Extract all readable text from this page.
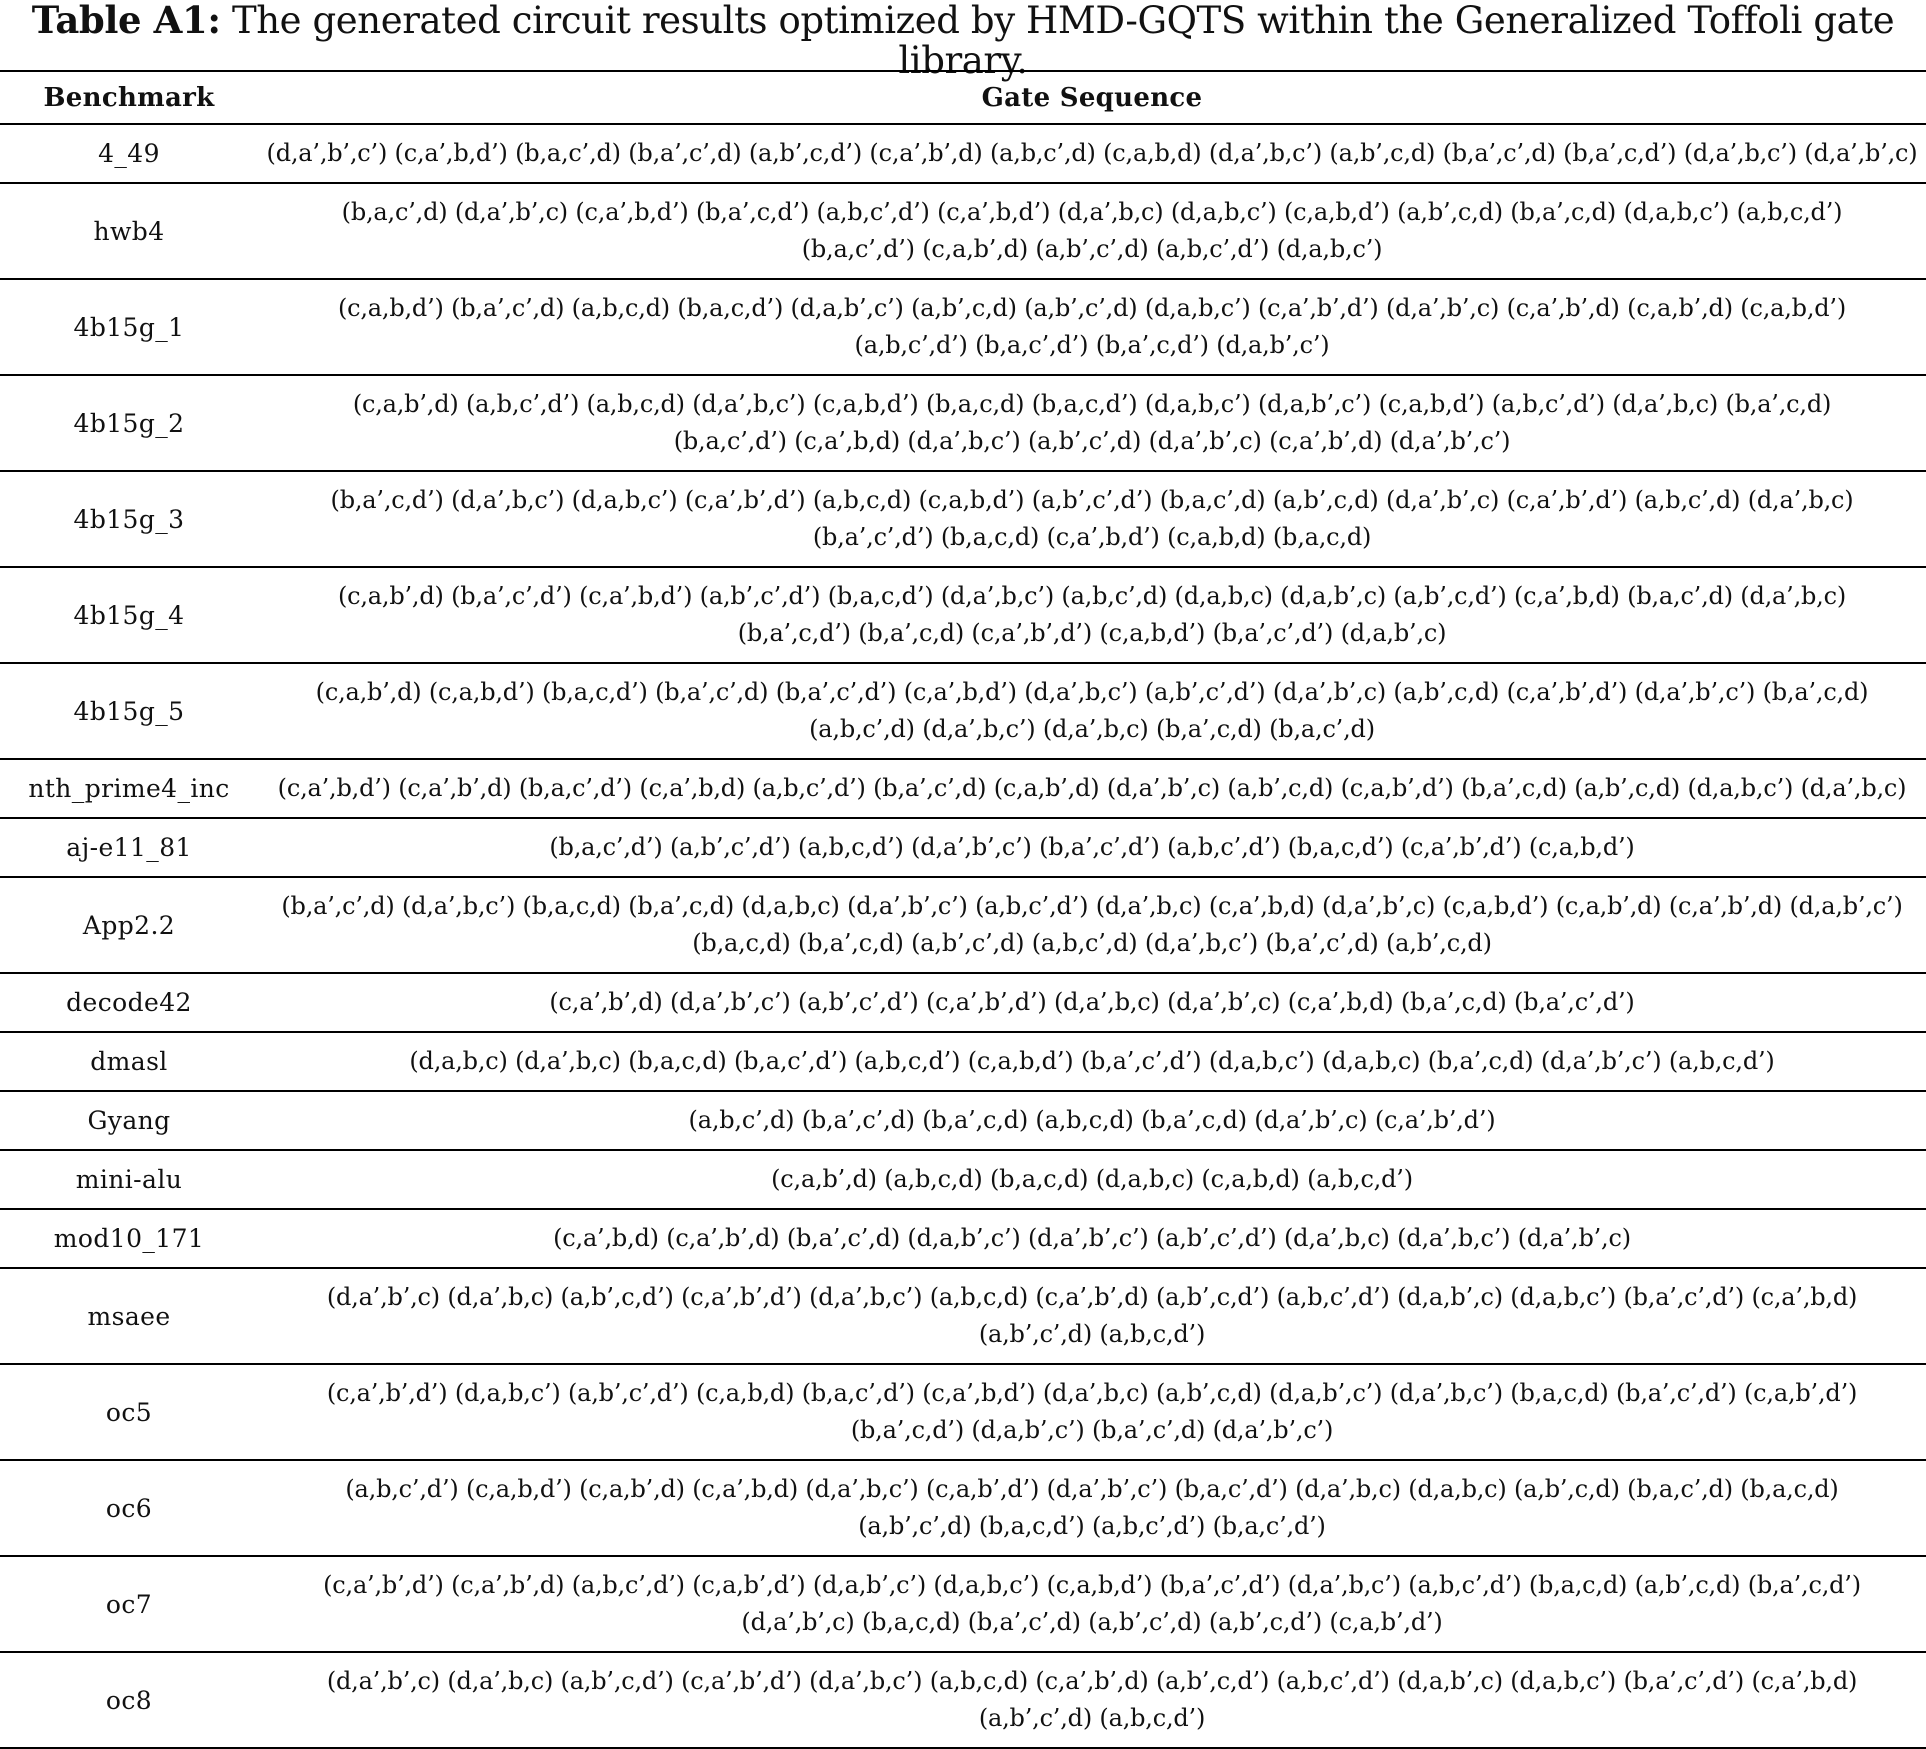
Table A1: The generated circuit results optimized by HMD-GQTS within the Generalized Toffoli gate library.
Benchmark	Gate Sequence
4_49	(d,a’,b’,c’) (c,a’,b,d’) (b,a,c’,d) (b,a’,c’,d) (a,b’,c,d’) (c,a’,b’,d) (a,b,c’,d) (c,a,b,d) (d,a’,b,c’) (a,b’,c,d) (b,a’,c’,d) (b,a’,c,d’) (d,a’,b,c’) (d,a’,b’,c)

hwb4	(b,a,c’,d) (d,a’,b’,c) (c,a’,b,d’) (b,a’,c,d’) (a,b,c’,d’) (c,a’,b,d’) (d,a’,b,c) (d,a,b,c’) (c,a,b,d’) (a,b’,c,d) (b,a’,c,d) (d,a,b,c’) (a,b,c,d’)
(b,a,c’,d’) (c,a,b’,d) (a,b’,c’,d) (a,b,c’,d’) (d,a,b,c’)

4b15g_1	(c,a,b,d’) (b,a’,c’,d) (a,b,c,d) (b,a,c,d’) (d,a,b’,c’) (a,b’,c,d) (a,b’,c’,d) (d,a,b,c’) (c,a’,b’,d’) (d,a’,b’,c) (c,a’,b’,d) (c,a,b’,d) (c,a,b,d’)
(a,b,c’,d’) (b,a,c’,d’) (b,a’,c,d’) (d,a,b’,c’)

4b15g_2	(c,a,b’,d) (a,b,c’,d’) (a,b,c,d) (d,a’,b,c’) (c,a,b,d’) (b,a,c,d) (b,a,c,d’) (d,a,b,c’) (d,a,b’,c’) (c,a,b,d’) (a,b,c’,d’) (d,a’,b,c) (b,a’,c,d)
(b,a,c’,d’) (c,a’,b,d) (d,a’,b,c’) (a,b’,c’,d) (d,a’,b’,c) (c,a’,b’,d) (d,a’,b’,c’)

4b15g_3	(b,a’,c,d’) (d,a’,b,c’) (d,a,b,c’) (c,a’,b’,d’) (a,b,c,d) (c,a,b,d’) (a,b’,c’,d’) (b,a,c’,d) (a,b’,c,d) (d,a’,b’,c) (c,a’,b’,d’) (a,b,c’,d) (d,a’,b,c)
(b,a’,c’,d’) (b,a,c,d) (c,a’,b,d’) (c,a,b,d) (b,a,c,d)

4b15g_4	(c,a,b’,d) (b,a’,c’,d’) (c,a’,b,d’) (a,b’,c’,d’) (b,a,c,d’) (d,a’,b,c’) (a,b,c’,d) (d,a,b,c) (d,a,b’,c) (a,b’,c,d’) (c,a’,b,d) (b,a,c’,d) (d,a’,b,c)
(b,a’,c,d’) (b,a’,c,d) (c,a’,b’,d’) (c,a,b,d’) (b,a’,c’,d’) (d,a,b’,c)

4b15g_5	(c,a,b’,d) (c,a,b,d’) (b,a,c,d’) (b,a’,c’,d) (b,a’,c’,d’) (c,a’,b,d’) (d,a’,b,c’) (a,b’,c’,d’) (d,a’,b’,c) (a,b’,c,d) (c,a’,b’,d’) (d,a’,b’,c’) (b,a’,c,d)
(a,b,c’,d) (d,a’,b,c’) (d,a’,b,c) (b,a’,c,d) (b,a,c’,d)

nth_prime4_inc	(c,a’,b,d’) (c,a’,b’,d) (b,a,c’,d’) (c,a’,b,d) (a,b,c’,d’) (b,a’,c’,d) (c,a,b’,d) (d,a’,b’,c) (a,b’,c,d) (c,a,b’,d’) (b,a’,c,d) (a,b’,c,d) (d,a,b,c’) (d,a’,b,c)

aj-e11_81	(b,a,c’,d’) (a,b’,c’,d’) (a,b,c,d’) (d,a’,b’,c’) (b,a’,c’,d’) (a,b,c’,d’) (b,a,c,d’) (c,a’,b’,d’) (c,a,b,d’)

App2.2	(b,a’,c’,d) (d,a’,b,c’) (b,a,c,d) (b,a’,c,d) (d,a,b,c) (d,a’,b’,c’) (a,b,c’,d’) (d,a’,b,c) (c,a’,b,d) (d,a’,b’,c) (c,a,b,d’) (c,a,b’,d) (c,a’,b’,d) (d,a,b’,c’)
(b,a,c,d) (b,a’,c,d) (a,b’,c’,d) (a,b,c’,d) (d,a’,b,c’) (b,a’,c’,d) (a,b’,c,d)

decode42	(c,a’,b’,d) (d,a’,b’,c’) (a,b’,c’,d’) (c,a’,b’,d’) (d,a’,b,c) (d,a’,b’,c) (c,a’,b,d) (b,a’,c,d) (b,a’,c’,d’)

dmasl	(d,a,b,c) (d,a’,b,c) (b,a,c,d) (b,a,c’,d’) (a,b,c,d’) (c,a,b,d’) (b,a’,c’,d’) (d,a,b,c’) (d,a,b,c) (b,a’,c,d) (d,a’,b’,c’) (a,b,c,d’)

Gyang	(a,b,c’,d) (b,a’,c’,d) (b,a’,c,d) (a,b,c,d) (b,a’,c,d) (d,a’,b’,c) (c,a’,b’,d’)

mini-alu	(c,a,b’,d) (a,b,c,d) (b,a,c,d) (d,a,b,c) (c,a,b,d) (a,b,c,d’)

mod10_171	(c,a’,b,d) (c,a’,b’,d) (b,a’,c’,d) (d,a,b’,c’) (d,a’,b’,c’) (a,b’,c’,d’) (d,a’,b,c) (d,a’,b,c’) (d,a’,b’,c)

msaee	(d,a’,b’,c) (d,a’,b,c) (a,b’,c,d’) (c,a’,b’,d’) (d,a’,b,c’) (a,b,c,d) (c,a’,b’,d) (a,b’,c,d’) (a,b,c’,d’) (d,a,b’,c) (d,a,b,c’) (b,a’,c’,d’) (c,a’,b,d)
(a,b’,c’,d) (a,b,c,d’)

oc5	(c,a’,b’,d’) (d,a,b,c’) (a,b’,c’,d’) (c,a,b,d) (b,a,c’,d’) (c,a’,b,d’) (d,a’,b,c) (a,b’,c,d) (d,a,b’,c’) (d,a’,b,c’) (b,a,c,d) (b,a’,c’,d’) (c,a,b’,d’)
(b,a’,c,d’) (d,a,b’,c’) (b,a’,c’,d) (d,a’,b’,c’)

oc6	(a,b,c’,d’) (c,a,b,d’) (c,a,b’,d) (c,a’,b,d) (d,a’,b,c’) (c,a,b’,d’) (d,a’,b’,c’) (b,a,c’,d’) (d,a’,b,c) (d,a,b,c) (a,b’,c,d) (b,a,c’,d) (b,a,c,d)
(a,b’,c’,d) (b,a,c,d’) (a,b,c’,d’) (b,a,c’,d’)

oc7	(c,a’,b’,d’) (c,a’,b’,d) (a,b,c’,d’) (c,a,b’,d’) (d,a,b’,c’) (d,a,b,c’) (c,a,b,d’) (b,a’,c’,d’) (d,a’,b,c’) (a,b,c’,d’) (b,a,c,d) (a,b’,c,d) (b,a’,c,d’)
(d,a’,b’,c) (b,a,c,d) (b,a’,c’,d) (a,b’,c’,d) (a,b’,c,d’) (c,a,b’,d’)

oc8	(d,a’,b’,c) (d,a’,b,c) (a,b’,c,d’) (c,a’,b’,d’) (d,a’,b,c’) (a,b,c,d) (c,a’,b’,d) (a,b’,c,d’) (a,b,c’,d’) (d,a,b’,c) (d,a,b,c’) (b,a’,c’,d’) (c,a’,b,d)
(a,b’,c’,d) (a,b,c,d’)
